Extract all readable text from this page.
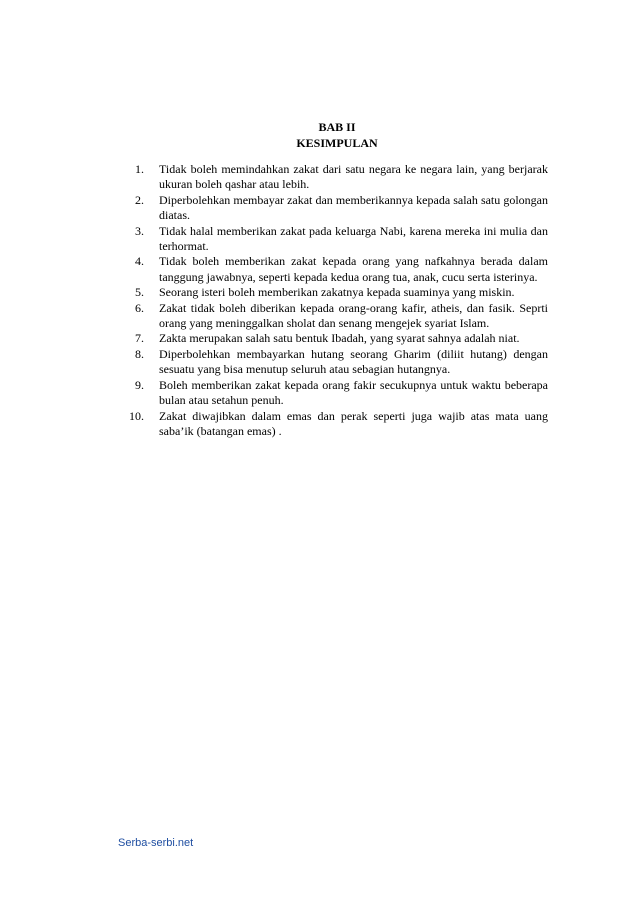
BAB II
KESIMPULAN
1. Tidak boleh memindahkan zakat dari satu negara ke negara lain, yang berjarak ukuran boleh qashar atau lebih.
2. Diperbolehkan membayar zakat dan memberikannya kepada salah satu golongan diatas.
3. Tidak halal memberikan zakat pada keluarga Nabi, karena mereka ini mulia dan terhormat.
4. Tidak boleh memberikan zakat kepada orang yang nafkahnya berada dalam tanggung jawabnya, seperti kepada kedua orang tua, anak, cucu serta isterinya.
5. Seorang isteri boleh memberikan zakatnya kepada suaminya yang miskin.
6. Zakat tidak boleh diberikan kepada orang-orang kafir, atheis, dan fasik. Seprti orang yang meninggalkan sholat dan senang mengejek syariat Islam.
7. Zakta merupakan salah satu bentuk Ibadah, yang syarat sahnya adalah niat.
8. Diperbolehkan membayarkan hutang seorang Gharim (diliit hutang) dengan sesuatu yang bisa menutup seluruh atau sebagian hutangnya.
9. Boleh memberikan zakat kepada orang fakir secukupnya untuk waktu beberapa bulan atau setahun penuh.
10. Zakat diwajibkan dalam emas dan perak seperti juga wajib atas mata uang saba’ik (batangan emas) .
Serba-serbi.net
